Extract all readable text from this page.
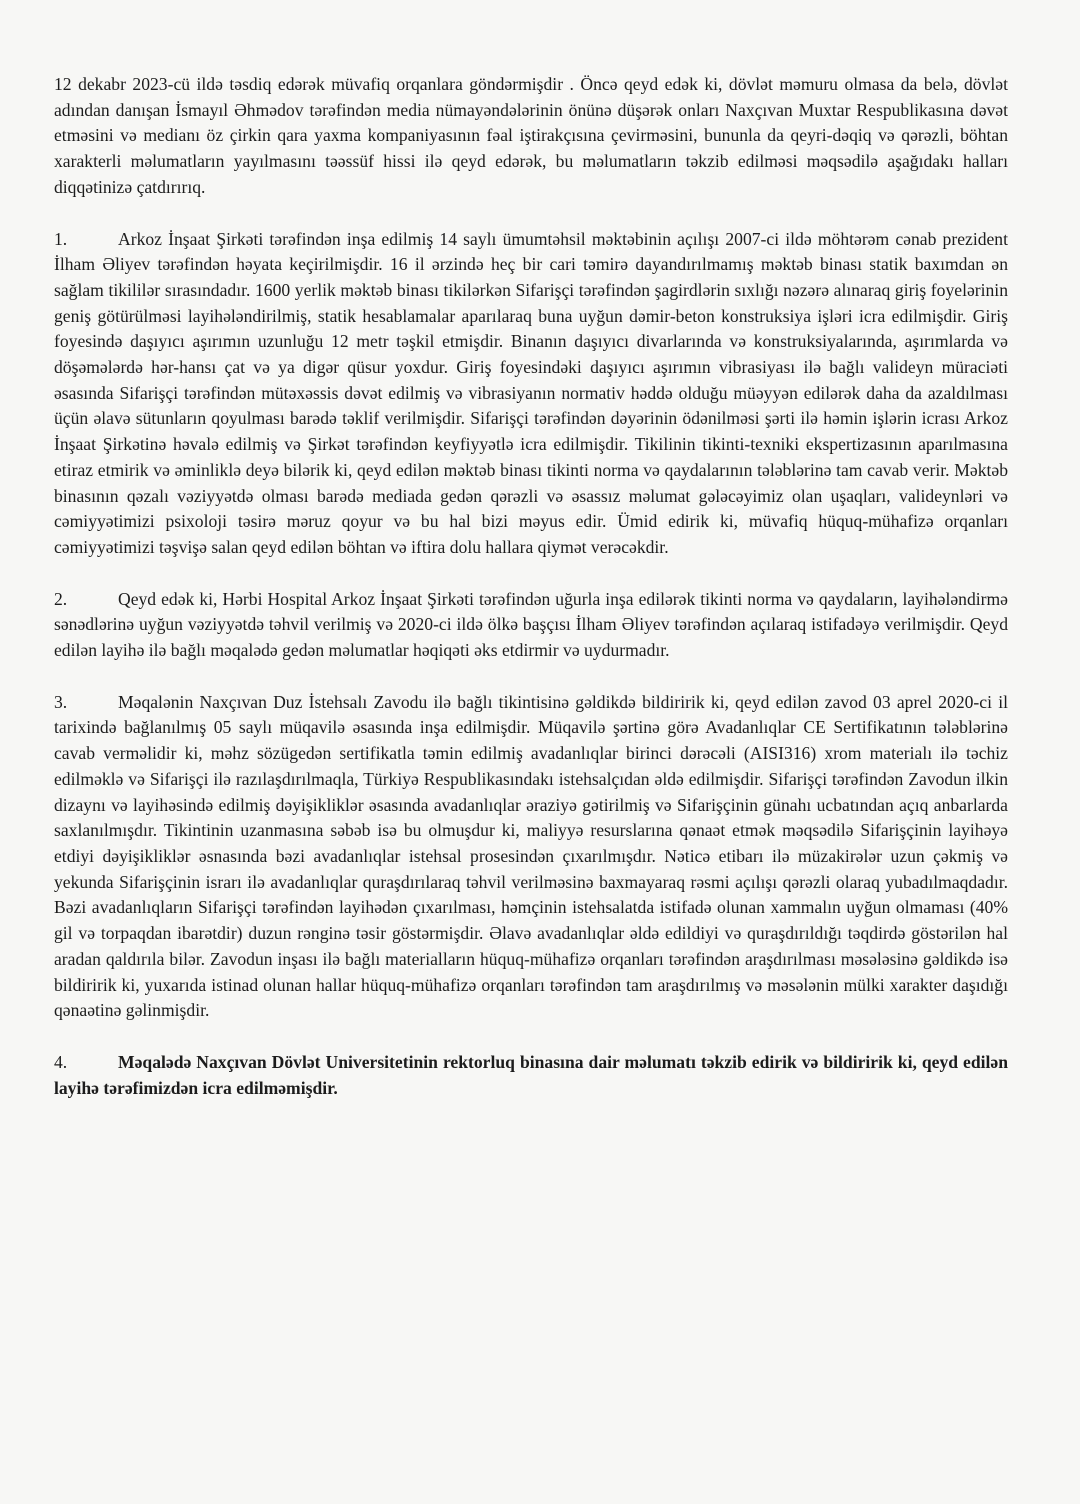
12 dekabr 2023-cü ildə təsdiq edərək müvafiq orqanlara göndərmişdir . Öncə qeyd edək ki, dövlət məmuru olmasa da belə, dövlət adından danışan İsmayıl Əhmədov tərəfindən media nümayəndələrinin önünə düşərək onları Naxçıvan Muxtar Respublikasına dəvət etməsini və medianı öz çirkin qara yaxma kompaniyasının fəal iştirakçısına çevirməsini, bununla da qeyri-dəqiq və qərəzli, böhtan xarakterli məlumatların yayılmasını təəssüf hissi ilə qeyd edərək, bu məlumatların təkzib edilməsi məqsədilə aşağıdakı halları diqqətinizə çatdırırıq.

1.	Arkoz İnşaat Şirkəti tərəfindən inşa edilmiş 14 saylı ümumtəhsil məktəbinin açılışı 2007-ci ildə möhtərəm cənab prezident İlham Əliyev tərəfindən həyata keçirilmişdir. 16 il ərzində heç bir cari təmirə dayandırılmamış məktəb binası statik baxımdan ən sağlam tikililər sırasındadır. 1600 yerlik məktəb binası tikilərkən Sifarişçi tərəfindən şagirdlərin sıxlığı nəzərə alınaraq giriş foyelərinin geniş götürülməsi layihələndirilmiş, statik hesablamalar aparılaraq buna uyğun dəmir-beton konstruksiya işləri icra edilmişdir. Giriş foyesində daşıyıcı aşırımın uzunluğu 12 metr təşkil etmişdir. Binanın daşıyıcı divarlarında və konstruksiyalarında, aşırımlarda və döşəmələrdə hər-hansı çat və ya digər qüsur yoxdur. Giriş foyesindəki daşıyıcı aşırımın vibrasiyası ilə bağlı valideyn müraciəti əsasında Sifarişçi tərəfindən mütəxəssis dəvət edilmiş və vibrasiyanın normativ həddə olduğu müəyyən edilərək daha da azaldılması üçün əlavə sütunların qoyulması barədə təklif verilmişdir. Sifarişçi tərəfindən dəyərinin ödənilməsi şərti ilə həmin işlərin icrası Arkoz İnşaat Şirkətinə həvalə edilmiş və Şirkət tərəfindən keyfiyyətlə icra edilmişdir. Tikilinin tikinti-texniki ekspertizasının aparılmasına etiraz etmirik və əminliklə deyə bilərik ki, qeyd edilən məktəb binası tikinti norma və qaydalarının tələblərinə tam cavab verir. Məktəb binasının qəzalı vəziyyətdə olması barədə mediada gedən qərəzli və əsassız məlumat gələcəyimiz olan uşaqları, valideynləri və cəmiyyətimizi psixoloji təsirə məruz qoyur və bu hal bizi məyus edir. Ümid edirik ki, müvafiq hüquq-mühafizə orqanları cəmiyyətimizi təşvişə salan qeyd edilən böhtan və iftira dolu hallara qiymət verəcəkdir.

2.	Qeyd edək ki, Hərbi Hospital Arkoz İnşaat Şirkəti tərəfindən uğurla inşa edilərək tikinti norma və qaydaların, layihələndirmə sənədlərinə uyğun vəziyyətdə təhvil verilmiş və 2020-ci ildə ölkə başçısı İlham Əliyev tərəfindən açılaraq istifadəyə verilmişdir. Qeyd edilən layihə ilə bağlı məqalədə gedən məlumatlar həqiqəti əks etdirmir və uydurmadır.

3.	Məqalənin Naxçıvan Duz İstehsalı Zavodu ilə bağlı tikintisinə gəldikdə bildiririk ki, qeyd edilən zavod 03 aprel 2020-ci il tarixində bağlanılmış 05 saylı müqavilə əsasında inşa edilmişdir. Müqavilə şərtinə görə Avadanlıqlar CE Sertifikatının tələblərinə cavab verməlidir ki, məhz sözügedən sertifikatla təmin edilmiş avadanlıqlar birinci dərəcəli (AISI316) xrom materialı ilə təchiz edilməklə və Sifarişçi ilə razılaşdırılmaqla, Türkiyə Respublikasındakı istehsalçıdan əldə edilmişdir. Sifarişçi tərəfindən Zavodun ilkin dizaynı və layihəsində edilmiş dəyişikliklər əsasında avadanlıqlar əraziyə gətirilmiş və Sifarişçinin günahı ucbatından açıq anbarlarda saxlanılmışdır. Tikintinin uzanmasına səbəb isə bu olmuşdur ki, maliyyə resurslarına qənaət etmək məqsədilə Sifarişçinin layihəyə etdiyi dəyişikliklər əsnasında bəzi avadanlıqlar istehsal prosesindən çıxarılmışdır. Nəticə etibarı ilə müzakirələr uzun çəkmiş və yekunda Sifarişçinin israrı ilə avadanlıqlar quraşdırılaraq təhvil verilməsinə baxmayaraq rəsmi açılışı qərəzli olaraq yubadılmaqdadır. Bəzi avadanlıqların Sifarişçi tərəfindən layihədən çıxarılması, həmçinin istehsalatda istifadə olunan xammalın uyğun olmaması (40% gil və torpaqdan ibarətdir) duzun rənginə təsir göstərmişdir. Əlavə avadanlıqlar əldə edildiyi və quraşdırıldığı təqdirdə göstərilən hal aradan qaldırıla bilər. Zavodun inşası ilə bağlı materialların hüquq-mühafizə orqanları tərəfindən araşdırılması məsələsinə gəldikdə isə bildiririk ki, yuxarıda istinad olunan hallar hüquq-mühafizə orqanları tərəfindən tam araşdırılmış və məsələnin mülki xarakter daşıdığı qənaətinə gəlinmişdir.

4.	Məqalədə Naxçıvan Dövlət Universitetinin rektorluq binasına dair məlumatı təkzib edirik və bildiririk ki, qeyd edilən layihə tərəfimizdən icra edilməmişdir.
